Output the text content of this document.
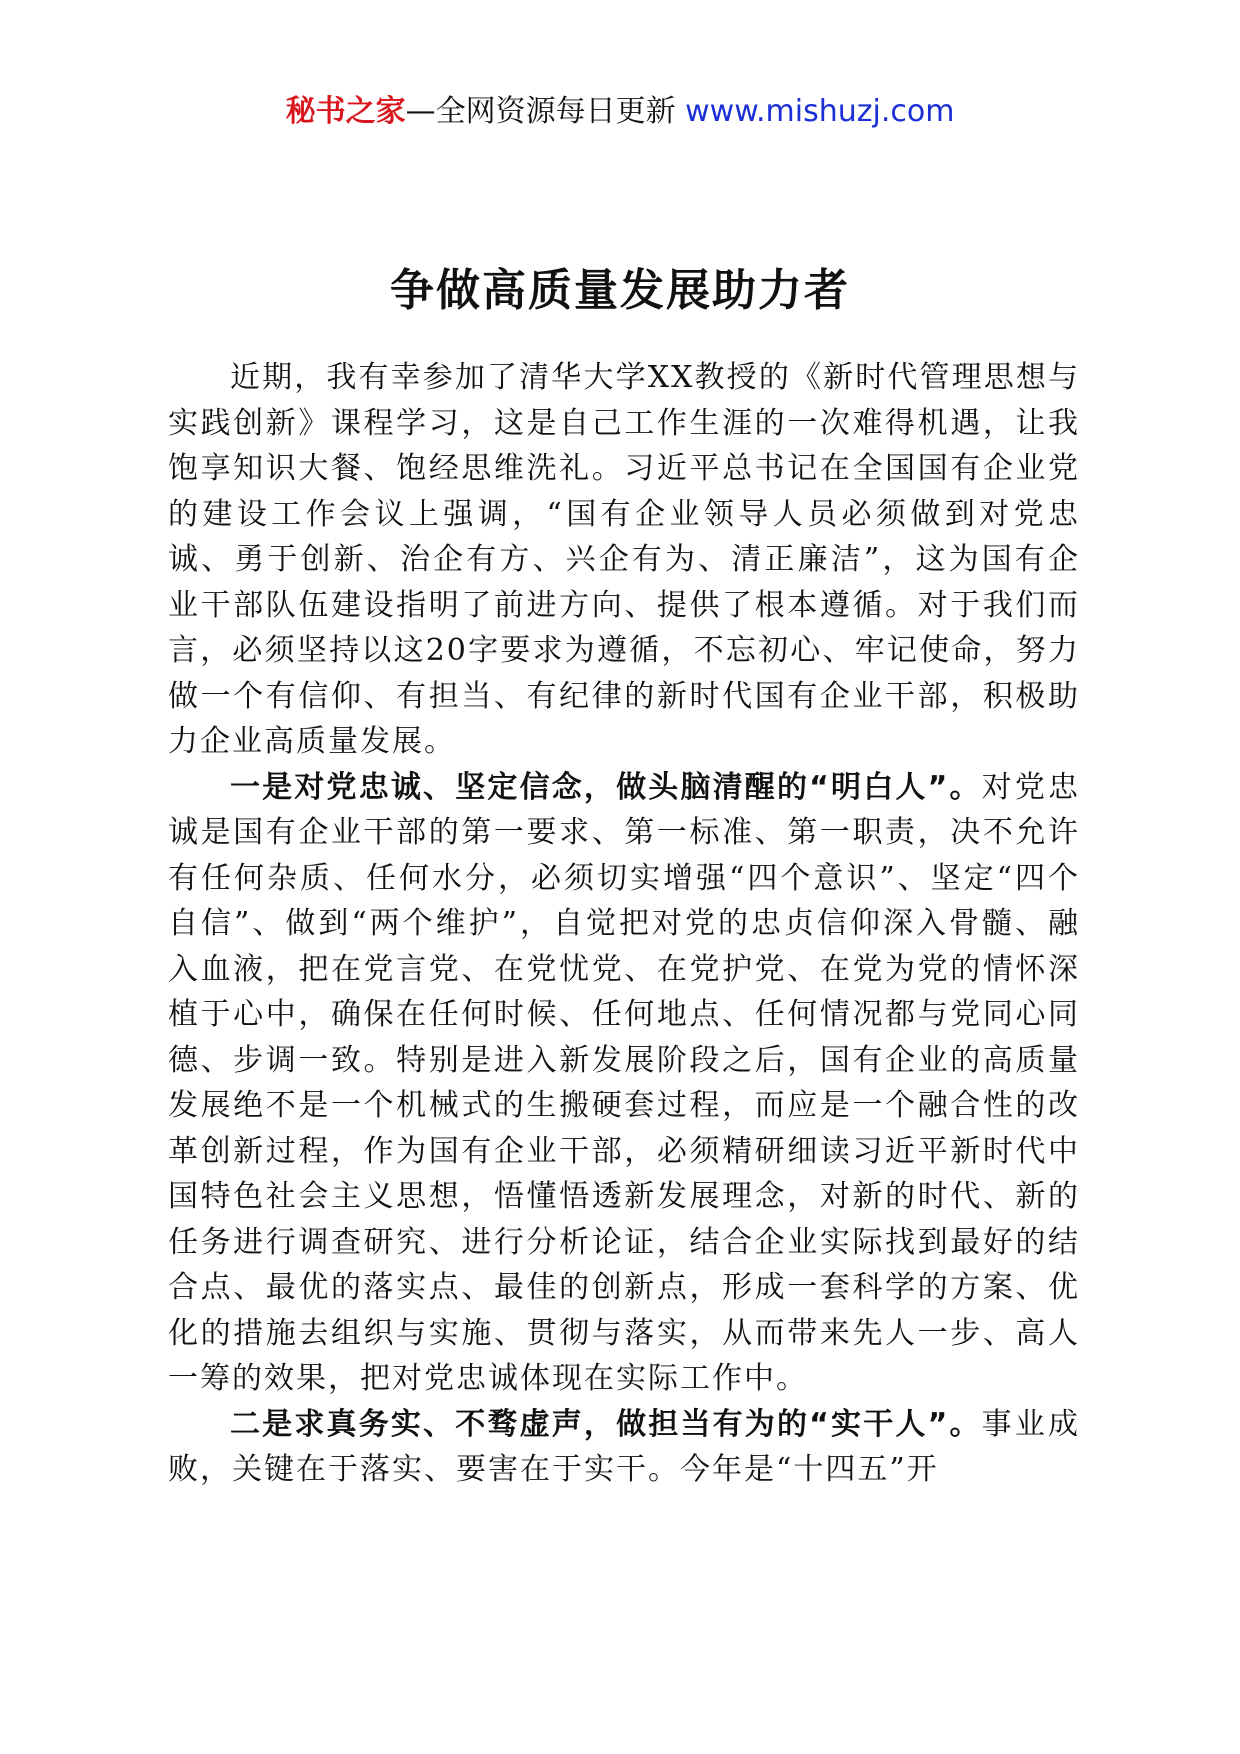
秘书之家—全网资源每日更新 www.mishuzj.com
争做高质量发展助力者

近期，我有幸参加了清华大学XX教授的《新时代管理思想与实践创新》课程学习，这是自己工作生涯的一次难得机遇，让我饱享知识大餐、饱经思维洗礼。习近平总书记在全国国有企业党的建设工作会议上强调，“国有企业领导人员必须做到对党忠诚、勇于创新、治企有方、兴企有为、清正廉洁”，这为国有企业干部队伍建设指明了前进方向、提供了根本遵循。对于我们而言，必须坚持以这20字要求为遵循，不忘初心、牢记使命，努力做一个有信仰、有担当、有纪律的新时代国有企业干部，积极助力企业高质量发展。

一是对党忠诚、坚定信念，做头脑清醒的“明白人”。对党忠诚是国有企业干部的第一要求、第一标准、第一职责，决不允许有任何杂质、任何水分，必须切实增强“四个意识”、坚定“四个自信”、做到“两个维护”，自觉把对党的忠贞信仰深入骨髓、融入血液，把在党言党、在党忧党、在党护党、在党为党的情怀深植于心中，确保在任何时候、任何地点、任何情况都与党同心同德、步调一致。特别是进入新发展阶段之后，国有企业的高质量发展绝不是一个机械式的生搬硬套过程，而应是一个融合性的改革创新过程，作为国有企业干部，必须精研细读习近平新时代中国特色社会主义思想，悟懂悟透新发展理念，对新的时代、新的任务进行调查研究、进行分析论证，结合企业实际找到最好的结合点、最优的落实点、最佳的创新点，形成一套科学的方案、优化的措施去组织与实施、贯彻与落实，从而带来先人一步、高人一筹的效果，把对党忠诚体现在实际工作中。

二是求真务实、不骛虚声，做担当有为的“实干人”。事业成败，关键在于落实、要害在于实干。今年是“十四五”开
